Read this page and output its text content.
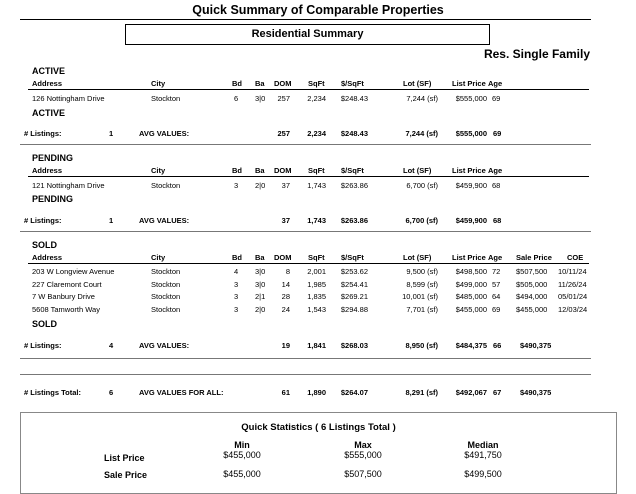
Quick Summary of Comparable Properties
Residential Summary
Res. Single Family
ACTIVE
Address	City	Bd Ba DOM SqFt $/SqFt	Lot (SF)	List Price Age
126 Nottingham Drive	Stockton	6 3|0	257	2,234	$248.43	7,244 (sf)	$555,000 69
ACTIVE
# Listings:	1	AVG VALUES:	257	2,234	$248.43	7,244 (sf)	$555,000 69
PENDING
Address	City	Bd Ba DOM SqFt $/SqFt	Lot (SF)	List Price Age
121 Nottingham Drive	Stockton	3 2|0	37	1,743	$263.86	6,700 (sf)	$459,900 68
PENDING
# Listings:	1	AVG VALUES:	37	1,743	$263.86	6,700 (sf)	$459,900 68
SOLD
Address	City	Bd Ba DOM SqFt $/SqFt	Lot (SF)	List Price Age Sale Price COE
203 W Longview Avenue	Stockton	4 3|0	8	2,001	$253.62	9,500 (sf)	$498,500 72 $507,500 10/11/24
227 Claremont Court	Stockton	3 3|0	14	1,985	$254.41	8,599 (sf)	$499,000 57 $505,000 11/26/24
7 W Banbury Drive	Stockton	3 2|1	28	1,835	$269.21	10,001 (sf)	$485,000 64 $494,000 05/01/24
5608 Tamworth Way	Stockton	3 2|0	24	1,543	$294.88	7,701 (sf)	$455,000 69 $455,000 12/03/24
SOLD
# Listings:	4	AVG VALUES:	19	1,841	$268.03	8,950 (sf)	$484,375 66 $490,375
# Listings Total:	6	AVG VALUES FOR ALL:	61	1,890	$264.07	8,291 (sf)	$492,067 67 $490,375
Quick Statistics ( 6 Listings Total )
Min	Max	Median
List Price	$455,000	$555,000	$491,750
Sale Price	$455,000	$507,500	$499,500
